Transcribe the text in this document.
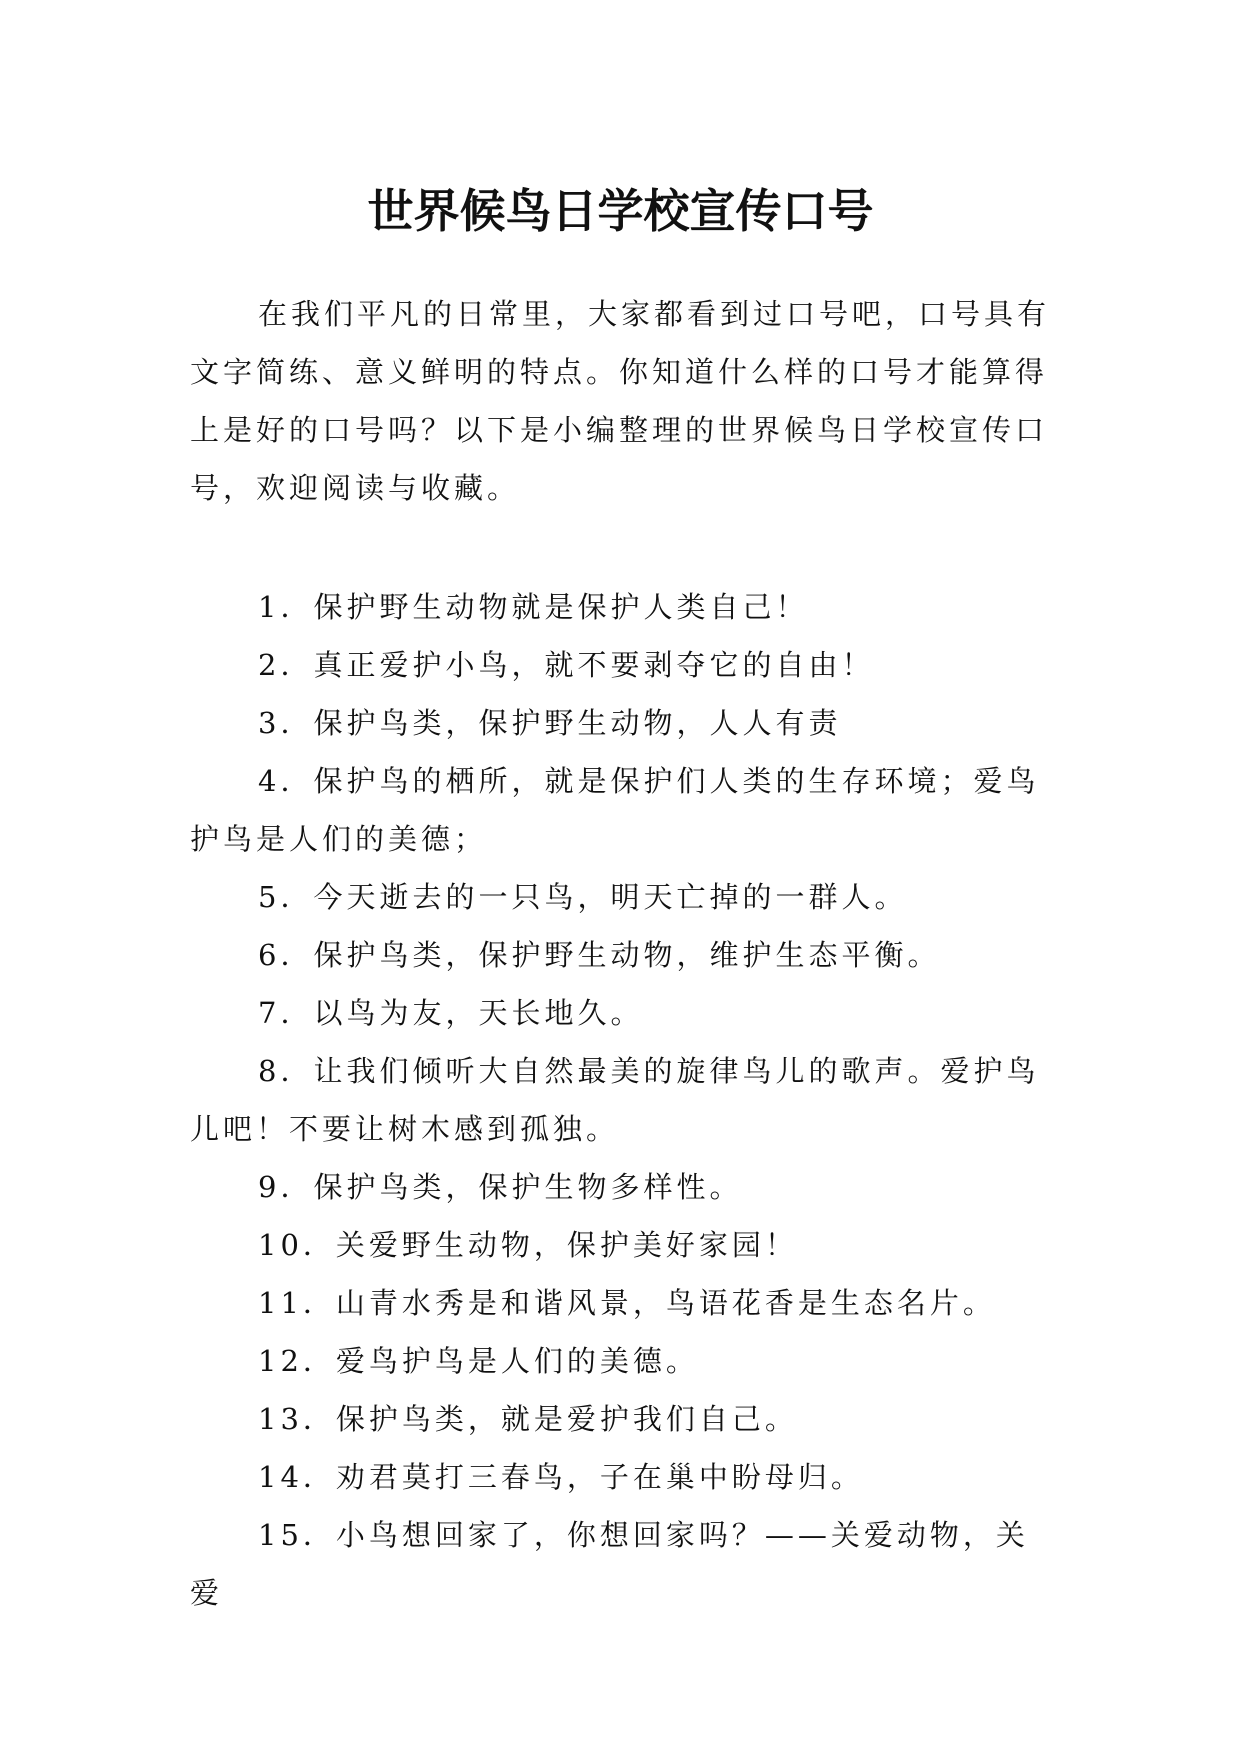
世界候鸟日学校宣传口号

在我们平凡的日常里，大家都看到过口号吧，口号具有文字简练、意义鲜明的特点。你知道什么样的口号才能算得上是好的口号吗？以下是小编整理的世界候鸟日学校宣传口号，欢迎阅读与收藏。

1．保护野生动物就是保护人类自己！
2．真正爱护小鸟，就不要剥夺它的自由！
3．保护鸟类，保护野生动物，人人有责
4．保护鸟的栖所，就是保护们人类的生存环境；爱鸟护鸟是人们的美德；
5．今天逝去的一只鸟，明天亡掉的一群人。
6．保护鸟类，保护野生动物，维护生态平衡。
7．以鸟为友，天长地久。
8．让我们倾听大自然最美的旋律鸟儿的歌声。爱护鸟儿吧！不要让树木感到孤独。
9．保护鸟类，保护生物多样性。
10．关爱野生动物，保护美好家园！
11．山青水秀是和谐风景，鸟语花香是生态名片。
12．爱鸟护鸟是人们的美德。
13．保护鸟类，就是爱护我们自己。
14．劝君莫打三春鸟，子在巢中盼母归。
15．小鸟想回家了，你想回家吗？——关爱动物，关爱
